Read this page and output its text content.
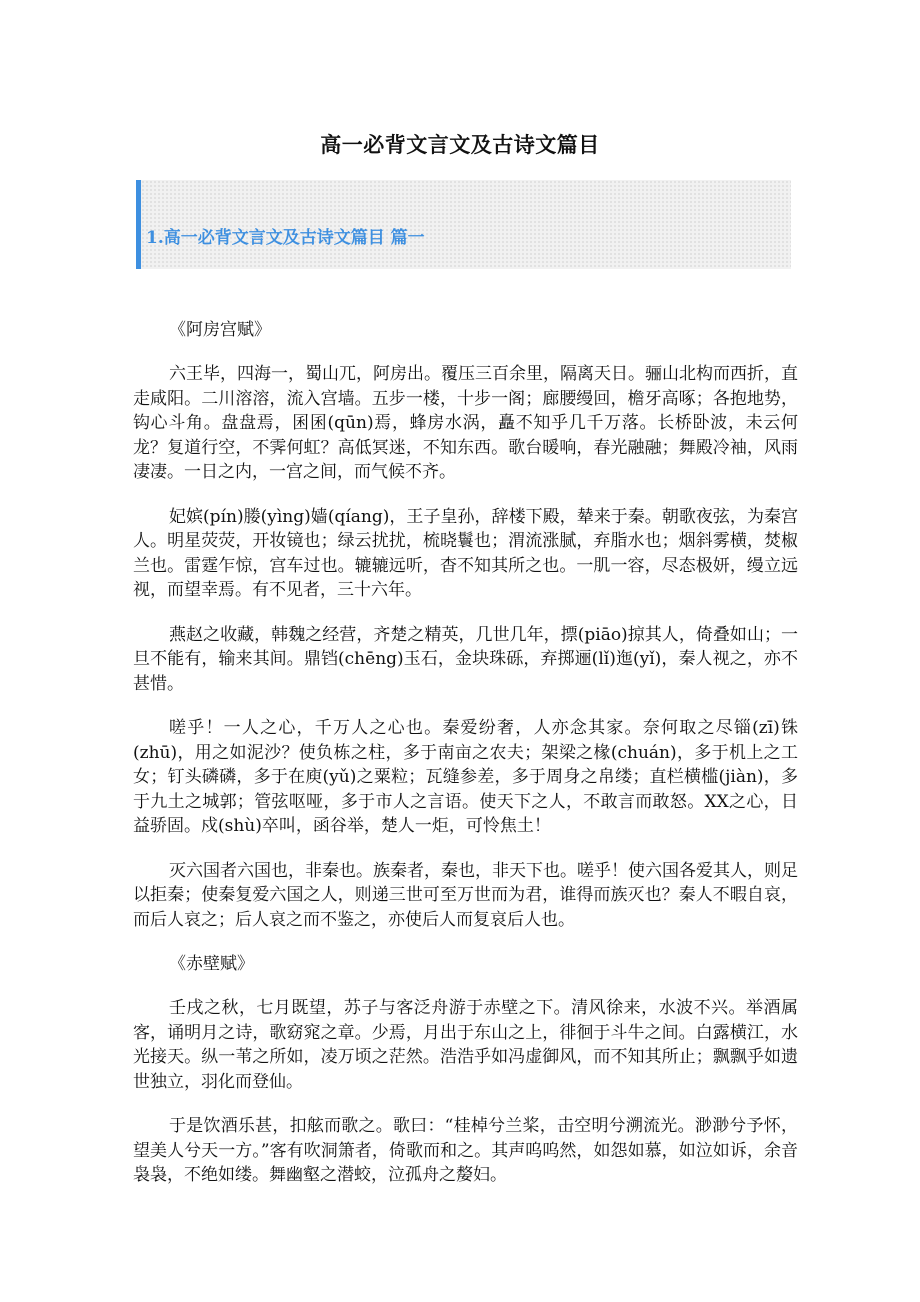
高一必背文言文及古诗文篇目
1.高一必背文言文及古诗文篇目 篇一
《阿房宫赋》

六王毕，四海一，蜀山兀，阿房出。覆压三百余里，隔离天日。骊山北构而西折，直走咸阳。二川溶溶，流入宫墙。五步一楼，十步一阁；廊腰缦回，檐牙高啄；各抱地势，钩心斗角。盘盘焉，囷囷(qūn)焉，蜂房水涡，矗不知乎几千万落。长桥卧波，未云何龙？复道行空，不霁何虹？高低冥迷，不知东西。歌台暖响，春光融融；舞殿冷袖，风雨凄凄。一日之内，一宫之间，而气候不齐。

妃嫔(pín)媵(yìng)嫱(qíang)，王子皇孙，辞楼下殿，辇来于秦。朝歌夜弦，为秦宫人。明星荧荧，开妆镜也；绿云扰扰，梳晓鬟也；渭流涨腻，弃脂水也；烟斜雾横，焚椒兰也。雷霆乍惊，宫车过也。辘辘远听，杳不知其所之也。一肌一容，尽态极妍，缦立远视，而望幸焉。有不见者，三十六年。

燕赵之收藏，韩魏之经营，齐楚之精英，几世几年，摽(piāo)掠其人，倚叠如山；一旦不能有，输来其间。鼎铛(chēng)玉石，金块珠砾，弃掷逦(lǐ)迤(yǐ)，秦人视之，亦不甚惜。

嗟乎！一人之心，千万人之心也。秦爱纷奢，人亦念其家。奈何取之尽锱(zī)铢(zhū)，用之如泥沙？使负栋之柱，多于南亩之农夫；架梁之椽(chuán)，多于机上之工女；钉头磷磷，多于在庾(yǔ)之粟粒；瓦缝参差，多于周身之帛缕；直栏横槛(jiàn)，多于九土之城郭；管弦呕哑，多于市人之言语。使天下之人，不敢言而敢怒。XX之心，日益骄固。戍(shù)卒叫，函谷举，楚人一炬，可怜焦土！

灭六国者六国也，非秦也。族秦者，秦也，非天下也。嗟乎！使六国各爱其人，则足以拒秦；使秦复爱六国之人，则递三世可至万世而为君，谁得而族灭也？秦人不暇自哀，而后人哀之；后人哀之而不鉴之，亦使后人而复哀后人也。

《赤壁赋》

壬戌之秋，七月既望，苏子与客泛舟游于赤壁之下。清风徐来，水波不兴。举酒属客，诵明月之诗，歌窈窕之章。少焉，月出于东山之上，徘徊于斗牛之间。白露横江，水光接天。纵一苇之所如，凌万顷之茫然。浩浩乎如冯虚御风，而不知其所止；飘飘乎如遗世独立，羽化而登仙。

于是饮酒乐甚，扣舷而歌之。歌曰：“桂棹兮兰桨，击空明兮溯流光。渺渺兮予怀，望美人兮天一方。”客有吹洞箫者，倚歌而和之。其声呜呜然，如怨如慕，如泣如诉，余音袅袅，不绝如缕。舞幽壑之潜蛟，泣孤舟之嫠妇。
